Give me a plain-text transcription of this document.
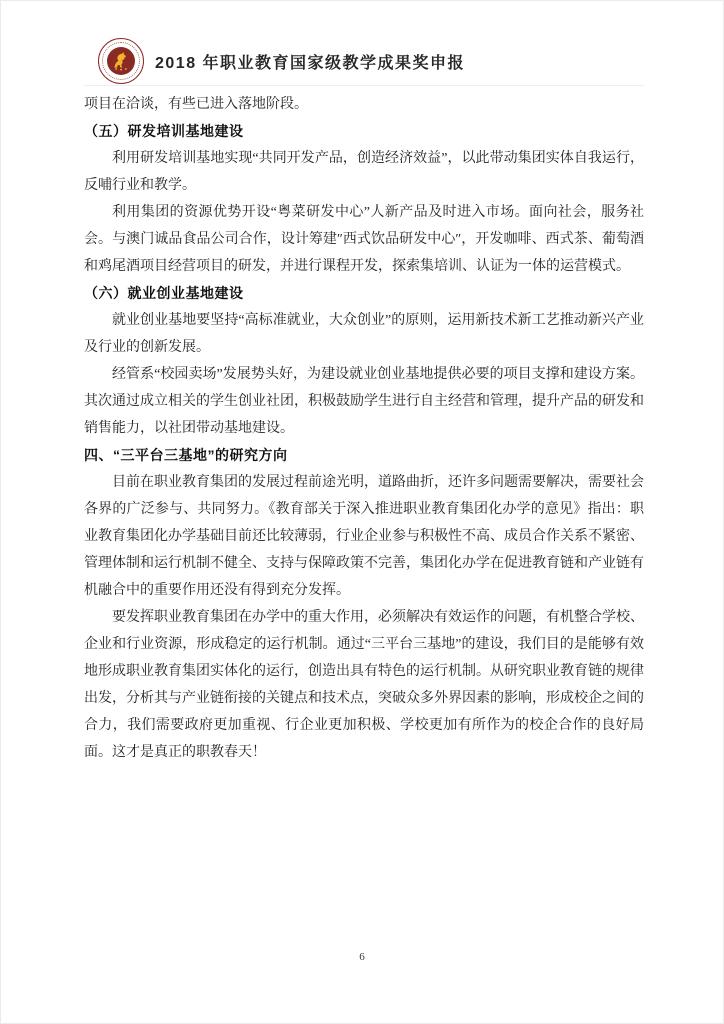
2018 年职业教育国家级教学成果奖申报

项目在洽谈，有些已进入落地阶段。

（五）研发培训基地建设

利用研发培训基地实现“共同开发产品，创造经济效益”，以此带动集团实体自我运行，反哺行业和教学。

利用集团的资源优势开设“粤菜研发中心”人新产品及时进入市场。面向社会，服务社会。与澳门诚品食品公司合作，设计筹建″西式饮品研发中心″，开发咖啡、西式茶、葡萄酒和鸡尾酒项目经营项目的研发，并进行课程开发，探索集培训、认证为一体的运营模式。

（六）就业创业基地建设

就业创业基地要坚持“高标准就业，大众创业”的原则，运用新技术新工艺推动新兴产业及行业的创新发展。

经管系“校园卖场”发展势头好，为建设就业创业基地提供必要的项目支撑和建设方案。其次通过成立相关的学生创业社团，积极鼓励学生进行自主经营和管理，提升产品的研发和销售能力，以社团带动基地建设。

四、“三平台三基地”的研究方向

目前在职业教育集团的发展过程前途光明，道路曲折，还许多问题需要解决，需要社会各界的广泛参与、共同努力。《教育部关于深入推进职业教育集团化办学的意见》指出：职业教育集团化办学基础目前还比较薄弱，行业企业参与积极性不高、成员合作关系不紧密、管理体制和运行机制不健全、支持与保障政策不完善，集团化办学在促进教育链和产业链有机融合中的重要作用还没有得到充分发挥。

要发挥职业教育集团在办学中的重大作用，必须解决有效运作的问题，有机整合学校、企业和行业资源，形成稳定的运行机制。通过“三平台三基地”的建设，我们目的是能够有效地形成职业教育集团实体化的运行，创造出具有特色的运行机制。从研究职业教育链的规律出发，分析其与产业链衔接的关键点和技术点，突破众多外界因素的影响，形成校企之间的合力，我们需要政府更加重视、行企业更加积极、学校更加有所作为的校企合作的良好局面。这才是真正的职教春天！

6
